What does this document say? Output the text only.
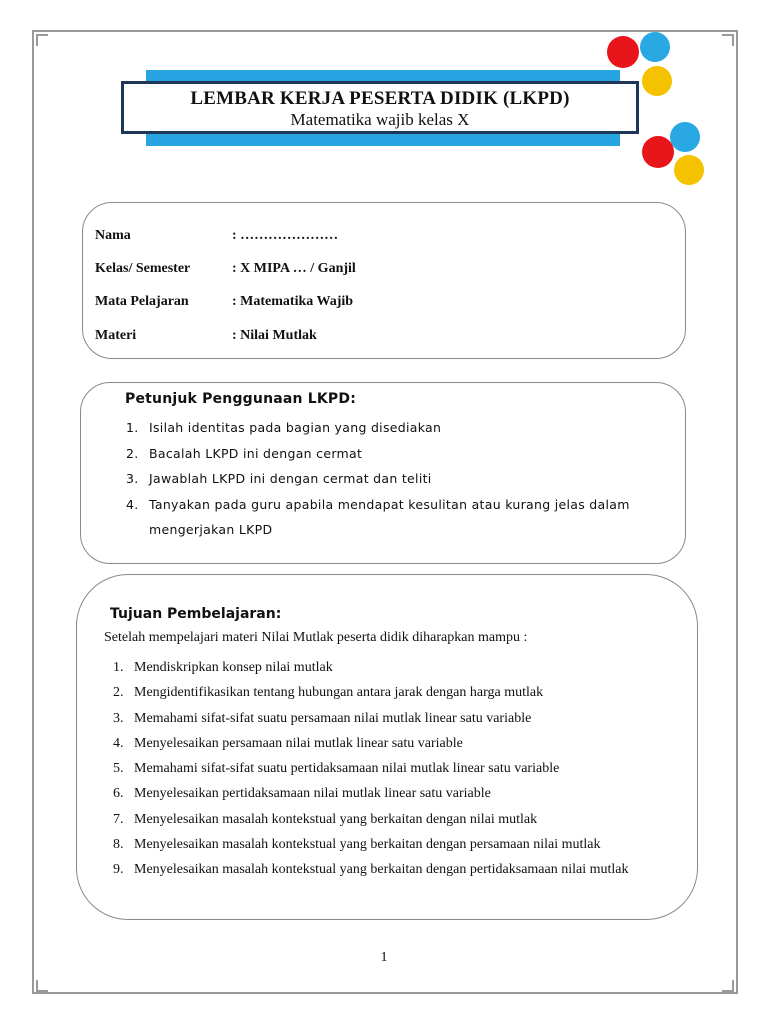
LEMBAR KERJA PESERTA DIDIK (LKPD)
Matematika wajib kelas X
Nama	: …………………
Kelas/ Semester	: X MIPA … / Ganjil
Mata Pelajaran	: Matematika Wajib
Materi	: Nilai Mutlak
Petunjuk Penggunaan LKPD:
1. Isilah identitas pada bagian yang disediakan
2. Bacalah LKPD ini dengan cermat
3. Jawablah LKPD ini dengan cermat dan teliti
4. Tanyakan pada guru apabila mendapat kesulitan atau kurang jelas dalam mengerjakan LKPD
Tujuan Pembelajaran:
Setelah mempelajari materi Nilai Mutlak peserta didik diharapkan mampu :
1. Mendiskripkan konsep nilai mutlak
2. Mengidentifikasikan tentang hubungan antara jarak dengan harga mutlak
3. Memahami sifat-sifat suatu persamaan nilai mutlak linear satu variable
4. Menyelesaikan persamaan nilai mutlak linear satu variable
5. Memahami sifat-sifat suatu pertidaksamaan nilai mutlak linear satu variable
6. Menyelesaikan pertidaksamaan nilai mutlak linear satu variable
7. Menyelesaikan masalah kontekstual yang berkaitan dengan nilai mutlak
8. Menyelesaikan masalah kontekstual yang berkaitan dengan persamaan nilai mutlak
9. Menyelesaikan masalah kontekstual yang berkaitan dengan pertidaksamaan nilai mutlak
1
